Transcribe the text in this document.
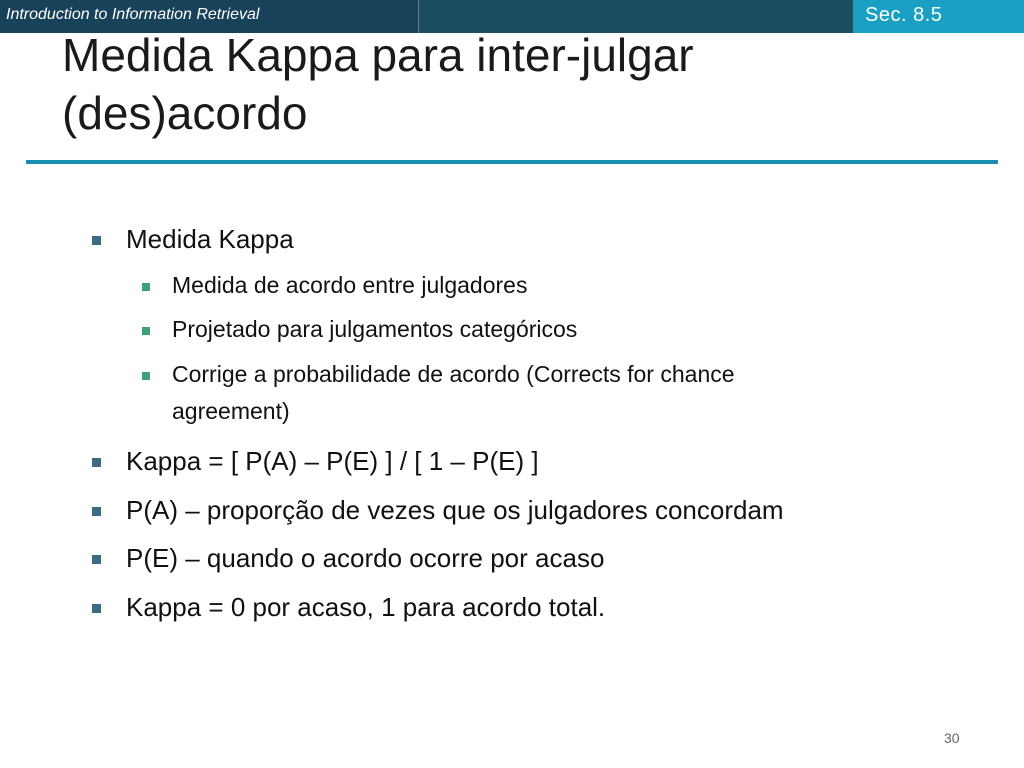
Introduction to Information Retrieval	Sec. 8.5
Medida Kappa para inter-julgar
(des)acordo
Medida Kappa
Medida de acordo entre julgadores
Projetado para julgamentos categóricos
Corrige a probabilidade de acordo (Corrects for chance
agreement)
Kappa = [ P(A) – P(E) ] / [ 1 – P(E) ]
P(A) – proporção de vezes que os julgadores concordam
P(E) – quando o acordo ocorre por acaso
Kappa = 0 por acaso, 1 para acordo total.
30
